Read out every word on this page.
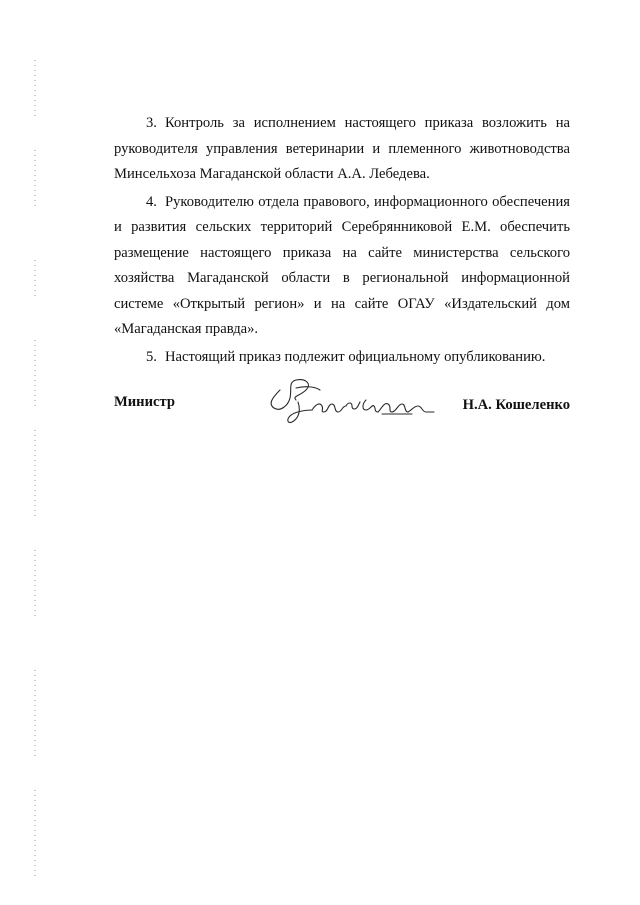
3. Контроль за исполнением настоящего приказа возложить на руководителя управления ветеринарии и племенного животноводства Минсельхоза Магаданской области А.А. Лебедева.

4. Руководителю отдела правового, информационного обеспечения и развития сельских территорий Серебрянниковой Е.М. обеспечить размещение настоящего приказа на сайте министерства сельского хозяйства Магаданской области в региональной информационной системе «Открытый регион» и на сайте ОГАУ «Издательский дом «Магаданская правда».

5. Настоящий приказ подлежит официальному опубликованию.

Министр	Н.А. Кошеленко
